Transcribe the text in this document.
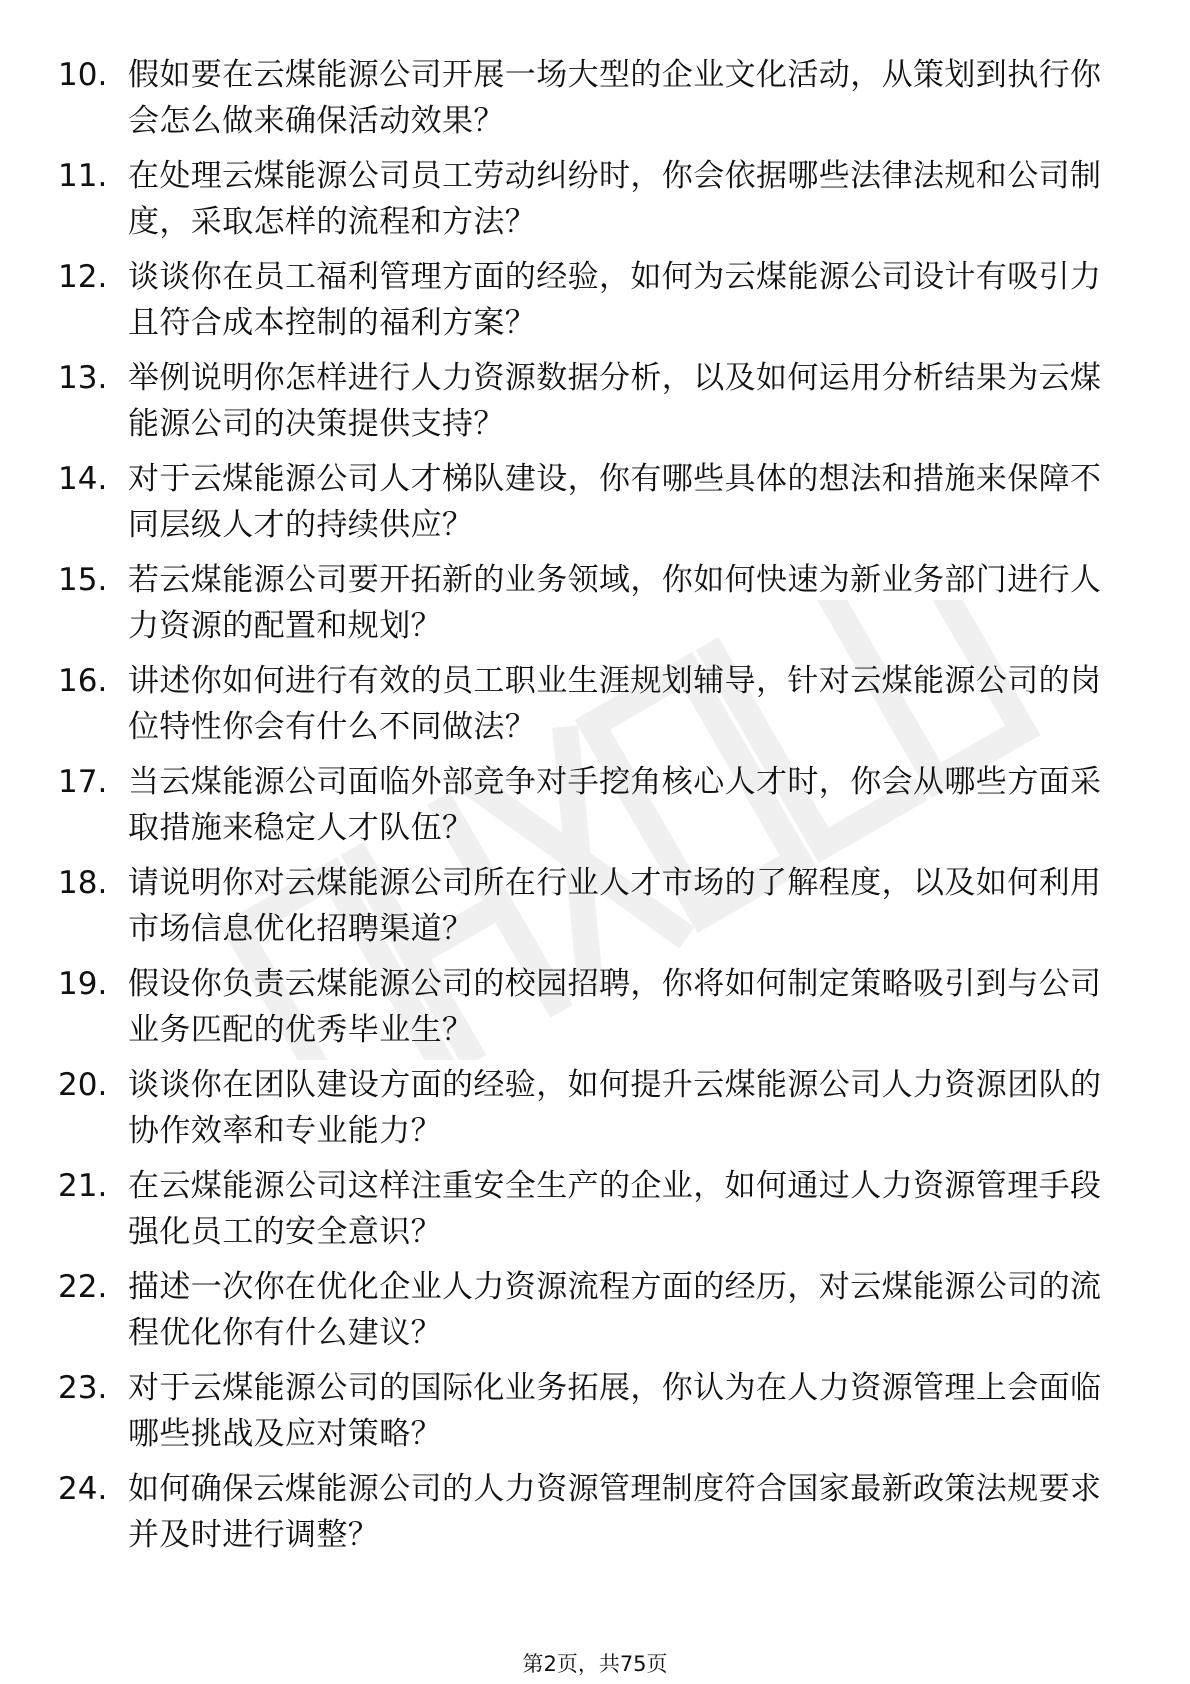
10. 假如要在云煤能源公司开展一场大型的企业文化活动，从策划到执行你会怎么做来确保活动效果？
11. 在处理云煤能源公司员工劳动纠纷时，你会依据哪些法律法规和公司制度，采取怎样的流程和方法？
12. 谈谈你在员工福利管理方面的经验，如何为云煤能源公司设计有吸引力且符合成本控制的福利方案？
13. 举例说明你怎样进行人力资源数据分析，以及如何运用分析结果为云煤能源公司的决策提供支持？
14. 对于云煤能源公司人才梯队建设，你有哪些具体的想法和措施来保障不同层级人才的持续供应？
15. 若云煤能源公司要开拓新的业务领域，你如何快速为新业务部门进行人力资源的配置和规划？
16. 讲述你如何进行有效的员工职业生涯规划辅导，针对云煤能源公司的岗位特性你会有什么不同做法？
17. 当云煤能源公司面临外部竞争对手挖角核心人才时，你会从哪些方面采取措施来稳定人才队伍？
18. 请说明你对云煤能源公司所在行业人才市场的了解程度，以及如何利用市场信息优化招聘渠道？
19. 假设你负责云煤能源公司的校园招聘，你将如何制定策略吸引到与公司业务匹配的优秀毕业生？
20. 谈谈你在团队建设方面的经验，如何提升云煤能源公司人力资源团队的协作效率和专业能力？
21. 在云煤能源公司这样注重安全生产的企业，如何通过人力资源管理手段强化员工的安全意识？
22. 描述一次你在优化企业人力资源流程方面的经历，对云煤能源公司的流程优化你有什么建议？
23. 对于云煤能源公司的国际化业务拓展，你认为在人力资源管理上会面临哪些挑战及应对策略？
24. 如何确保云煤能源公司的人力资源管理制度符合国家最新政策法规要求并及时进行调整？
第2页，共75页
